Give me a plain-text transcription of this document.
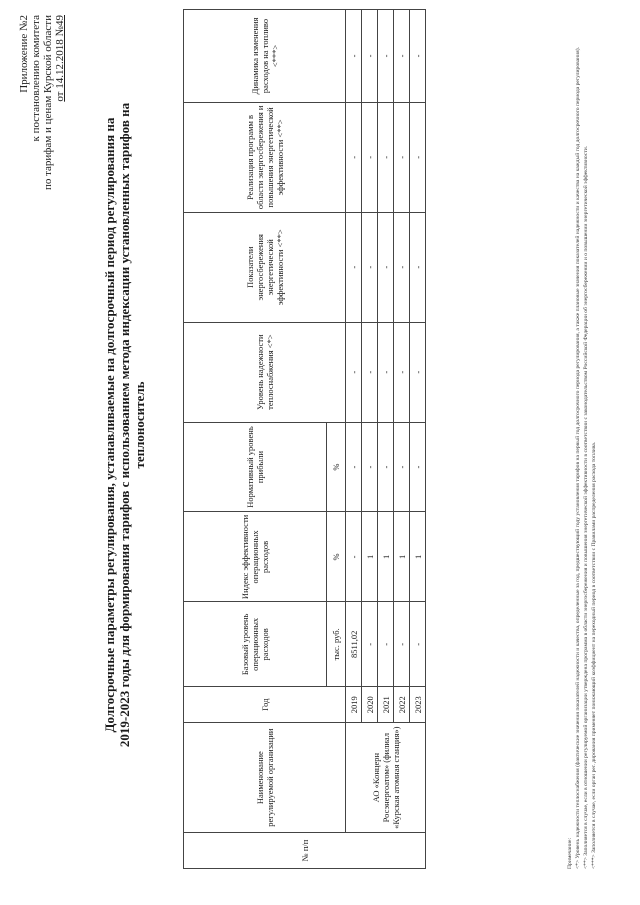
Приложение №2 к постановлению комитета по тарифам и ценам Курской области от 14.12.2018 №49
Долгосрочные параметры регулирования, устанавливаемые на долгосрочный период регулирования на 2019-2023 годы для формирования тарифов с использованием метода индексации установленных тарифов на теплоноситель
№ п/п	Наименование регулируемой организации	Год	Базовый уровень операционных расходов	Индекс эффективности операционных расходов	Нормативный уровень прибыли	Уровень надежности теплоснабжения <*>	Показатели энергосбережения энергетической эффективности <**>	Реализация программ в области энергосбережения и повышения энергетической эффективности <**>	Динамика изменения расходов на топливо <***>
			тыс. руб.	%	%				
	АО «Концерн Росэнергоатом» (филиал «Курская атомная станция»)	2019	8511,02	-	-	-	-	-	-
		2020	-	1	-	-	-	-	-
		2021	-	1	-	-	-	-	-
		2022	-	1	-	-	-	-	-
		2023	-	1	-	-	-	-	-

Примечание: <*> Уровень надежности теплоснабжения (фактические значения показателей надежности и качества, определенные за год, предшествующий году установления тарифов на первый год долгосрочного периода регулирования, а также плановые значения показателей надежности и качества на каждый год долгосрочного периода регулирования). <**> Заполняется в случае, если в отношении регулируемой организации утверждена программа в области энергосбережения и повышения энергетической эффективности в соответствии с законодательством Российской Федерации об энергосбережении и о повышении энергетической эффективности. <***> Заполняется в случае, если орган рег. дирования применяет понижающий коэффициент на переходный период в соответствии с Правилами распределения расхода топлива.
